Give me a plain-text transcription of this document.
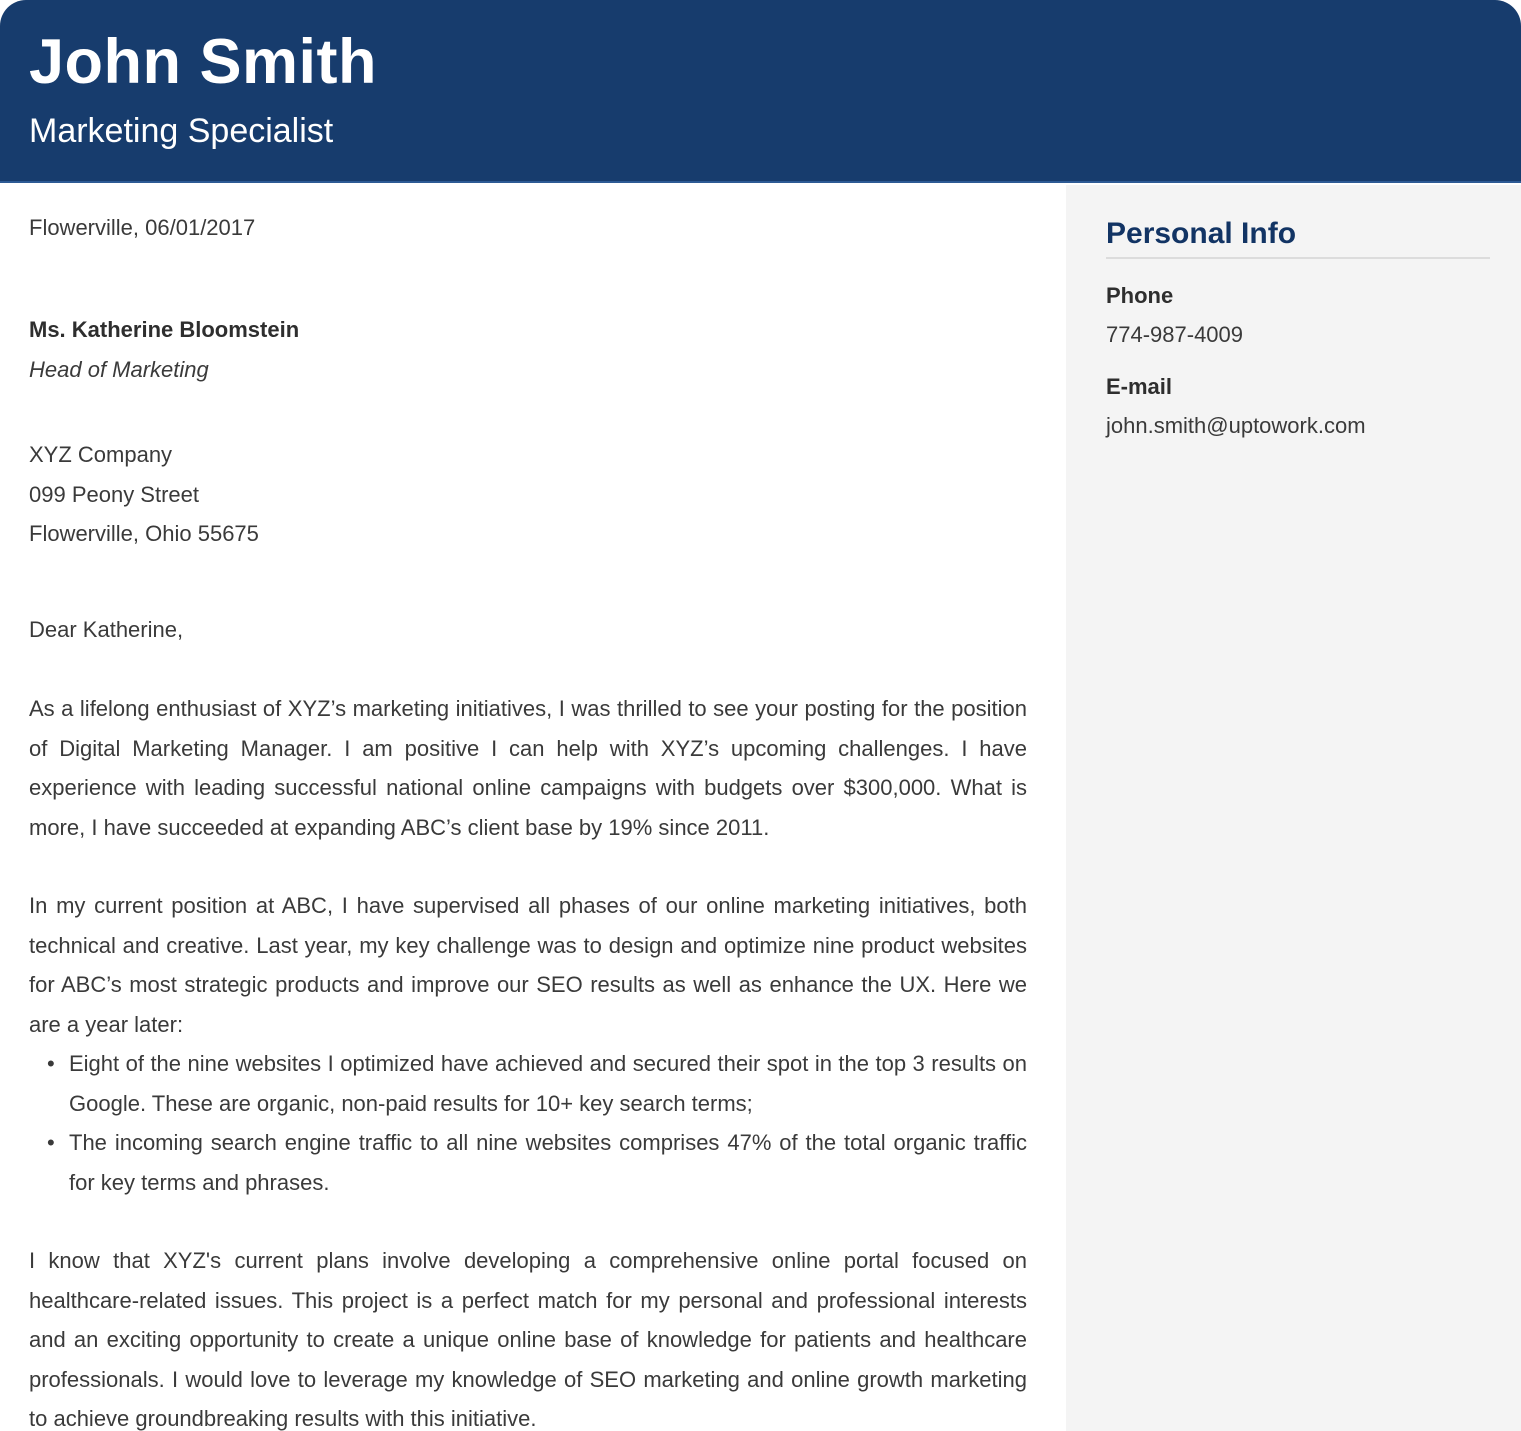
John Smith
Marketing Specialist
Flowerville, 06/01/2017
Ms. Katherine Bloomstein
Head of Marketing
XYZ Company
099 Peony Street
Flowerville, Ohio 55675
Dear Katherine,

As a lifelong enthusiast of XYZ’s marketing initiatives, I was thrilled to see your posting for the position of Digital Marketing Manager. I am positive I can help with XYZ’s upcoming challenges. I have experience with leading successful national online campaigns with budgets over $300,000. What is more, I have succeeded at expanding ABC’s client base by 19% since 2011.

In my current position at ABC, I have supervised all phases of our online marketing initiatives, both technical and creative. Last year, my key challenge was to design and optimize nine product websites for ABC’s most strategic products and improve our SEO results as well as enhance the UX. Here we are a year later:

• Eight of the nine websites I optimized have achieved and secured their spot in the top 3 results on Google. These are organic, non-paid results for 10+ key search terms;
• The incoming search engine traffic to all nine websites comprises 47% of the total organic traffic for key terms and phrases.

I know that XYZ's current plans involve developing a comprehensive online portal focused on healthcare-related issues. This project is a perfect match for my personal and professional interests and an exciting opportunity to create a unique online base of knowledge for patients and healthcare professionals. I would love to leverage my knowledge of SEO marketing and online growth marketing to achieve groundbreaking results with this initiative.

Personal Info
Phone
774-987-4009
E-mail
john.smith@uptowork.com
